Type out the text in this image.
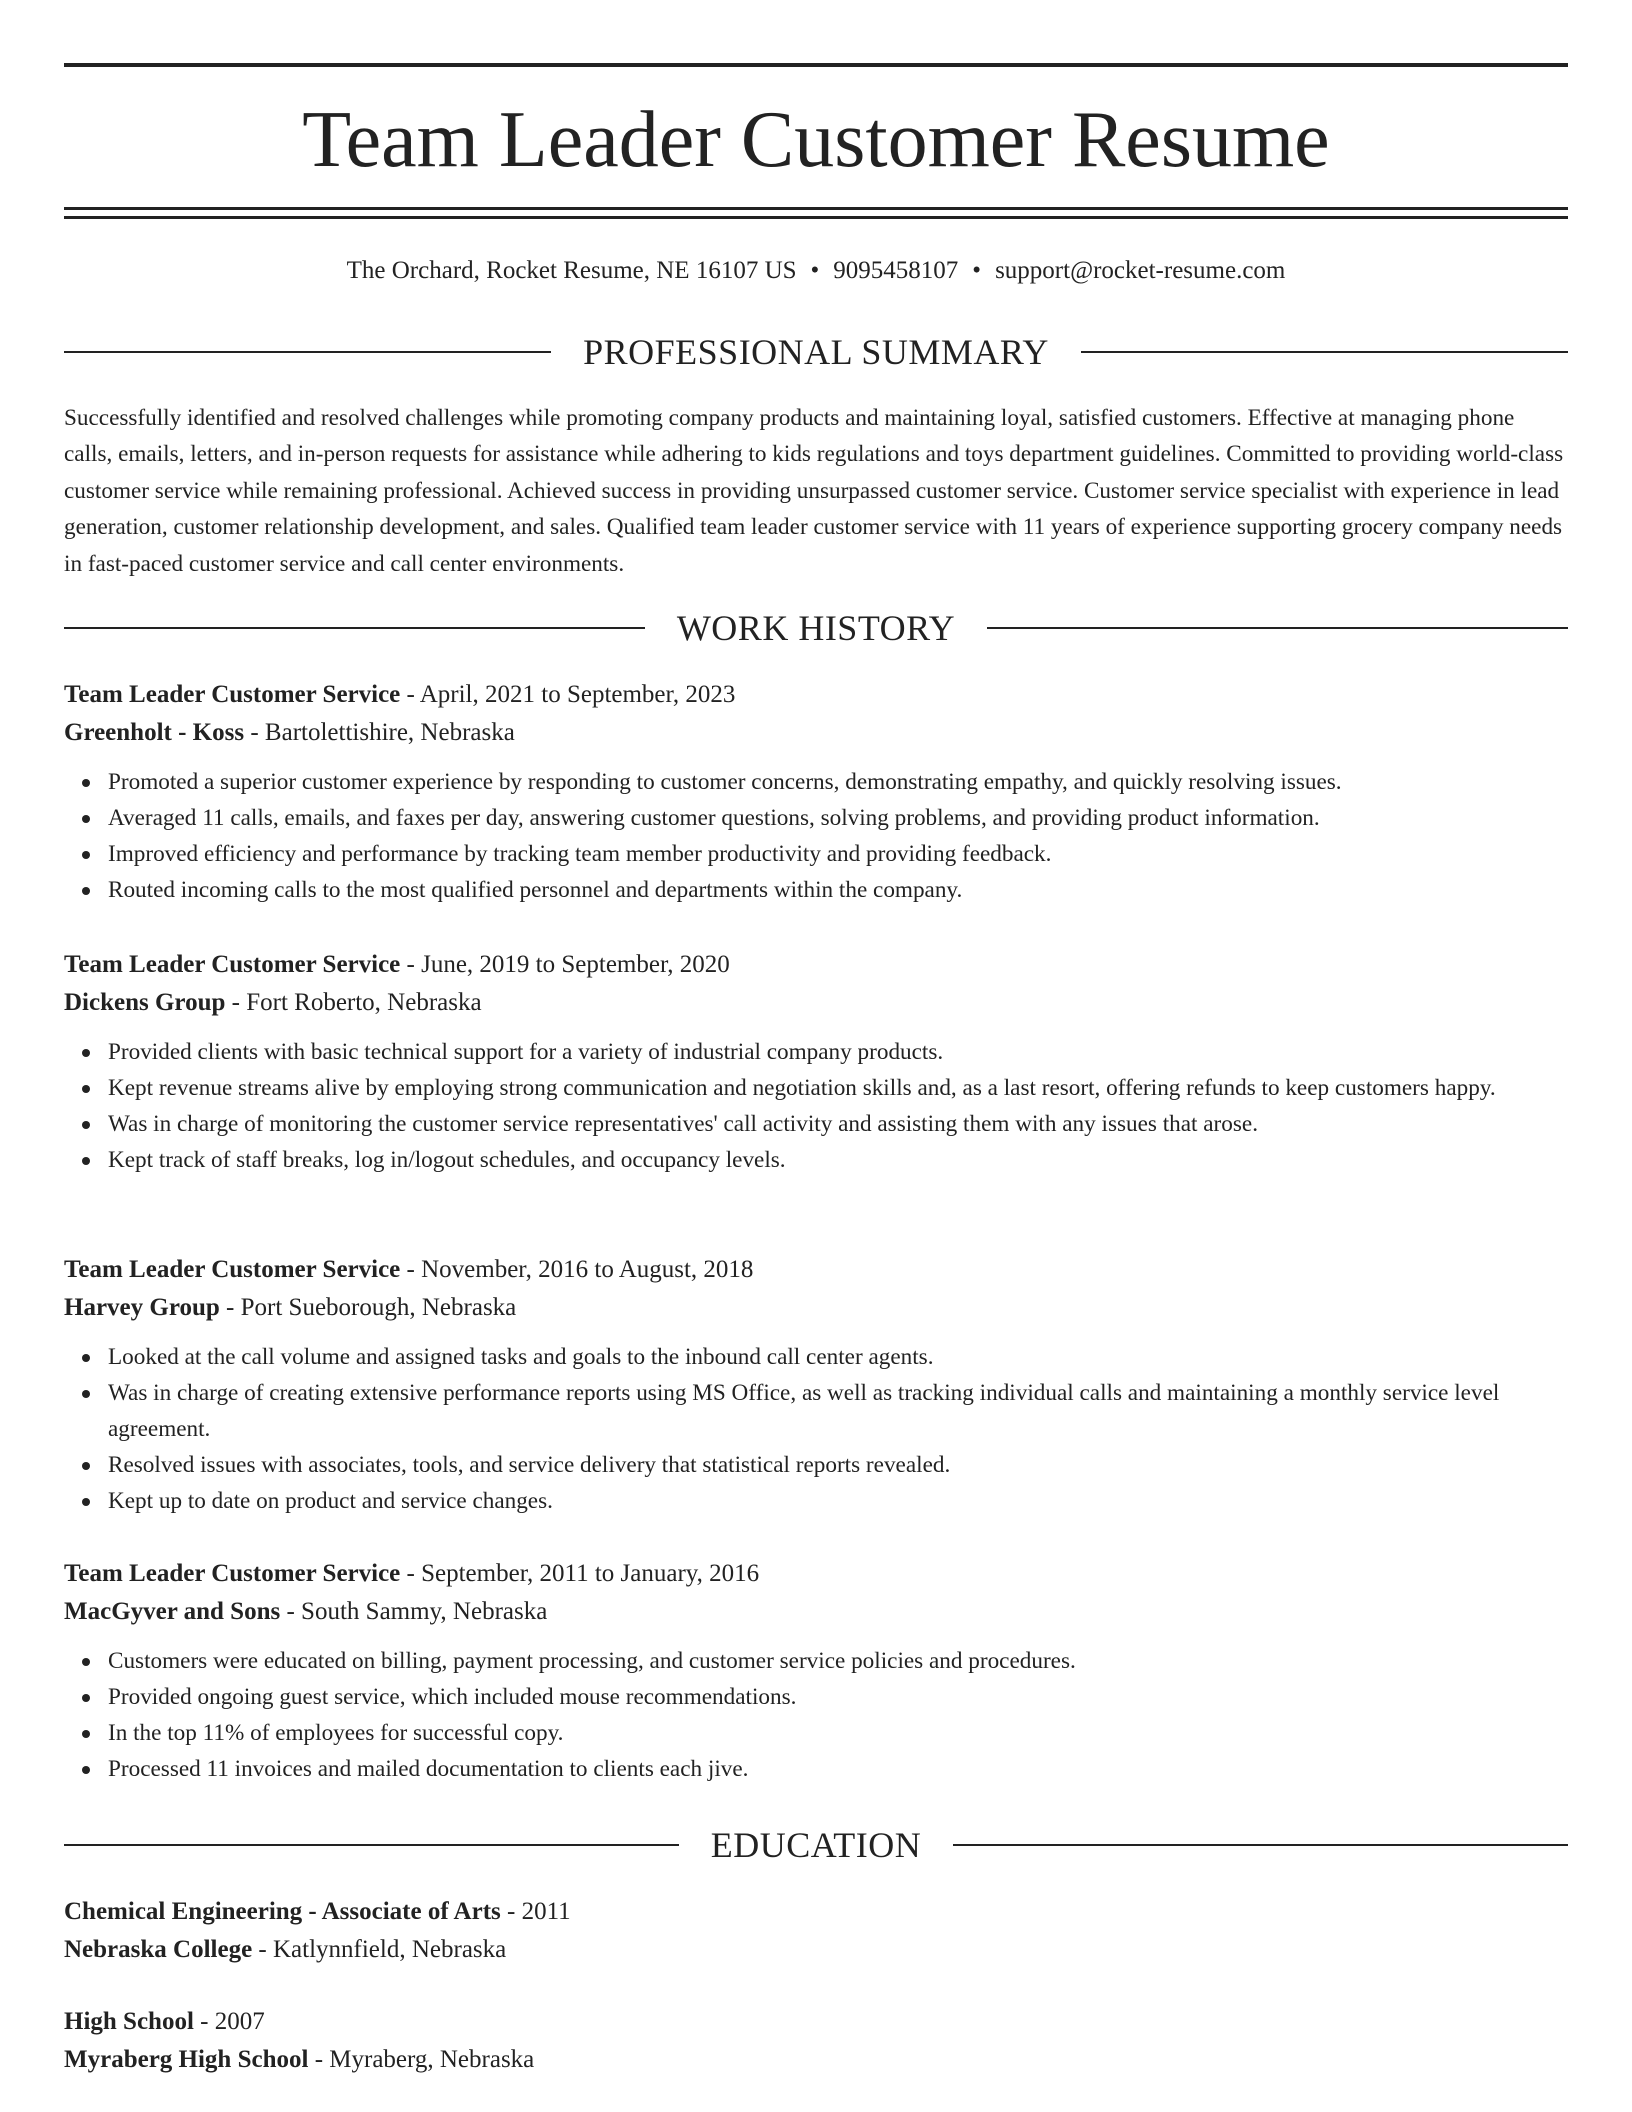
Team Leader Customer Resume
The Orchard, Rocket Resume, NE 16107 US • 9095458107 • support@rocket-resume.com
PROFESSIONAL SUMMARY

Successfully identified and resolved challenges while promoting company products and maintaining loyal, satisfied customers. Effective at managing phone calls, emails, letters, and in-person requests for assistance while adhering to kids regulations and toys department guidelines. Committed to providing world-class customer service while remaining professional. Achieved success in providing unsurpassed customer service. Customer service specialist with experience in lead generation, customer relationship development, and sales. Qualified team leader customer service with 11 years of experience supporting grocery company needs in fast-paced customer service and call center environments.

WORK HISTORY
Team Leader Customer Service - April, 2021 to September, 2023
Greenholt - Koss - Bartolettishire, Nebraska
Promoted a superior customer experience by responding to customer concerns, demonstrating empathy, and quickly resolving issues.
Averaged 11 calls, emails, and faxes per day, answering customer questions, solving problems, and providing product information.
Improved efficiency and performance by tracking team member productivity and providing feedback.
Routed incoming calls to the most qualified personnel and departments within the company.
Team Leader Customer Service - June, 2019 to September, 2020
Dickens Group - Fort Roberto, Nebraska
Provided clients with basic technical support for a variety of industrial company products.
Kept revenue streams alive by employing strong communication and negotiation skills and, as a last resort, offering refunds to keep customers happy.
Was in charge of monitoring the customer service representatives' call activity and assisting them with any issues that arose.
Kept track of staff breaks, log in/logout schedules, and occupancy levels.
Team Leader Customer Service - November, 2016 to August, 2018
Harvey Group - Port Sueborough, Nebraska
Looked at the call volume and assigned tasks and goals to the inbound call center agents.
Was in charge of creating extensive performance reports using MS Office, as well as tracking individual calls and maintaining a monthly service level agreement.
Resolved issues with associates, tools, and service delivery that statistical reports revealed.
Kept up to date on product and service changes.
Team Leader Customer Service - September, 2011 to January, 2016
MacGyver and Sons - South Sammy, Nebraska
Customers were educated on billing, payment processing, and customer service policies and procedures.
Provided ongoing guest service, which included mouse recommendations.
In the top 11% of employees for successful copy.
Processed 11 invoices and mailed documentation to clients each jive.
EDUCATION
Chemical Engineering - Associate of Arts - 2011
Nebraska College - Katlynnfield, Nebraska
High School - 2007
Myraberg High School - Myraberg, Nebraska
